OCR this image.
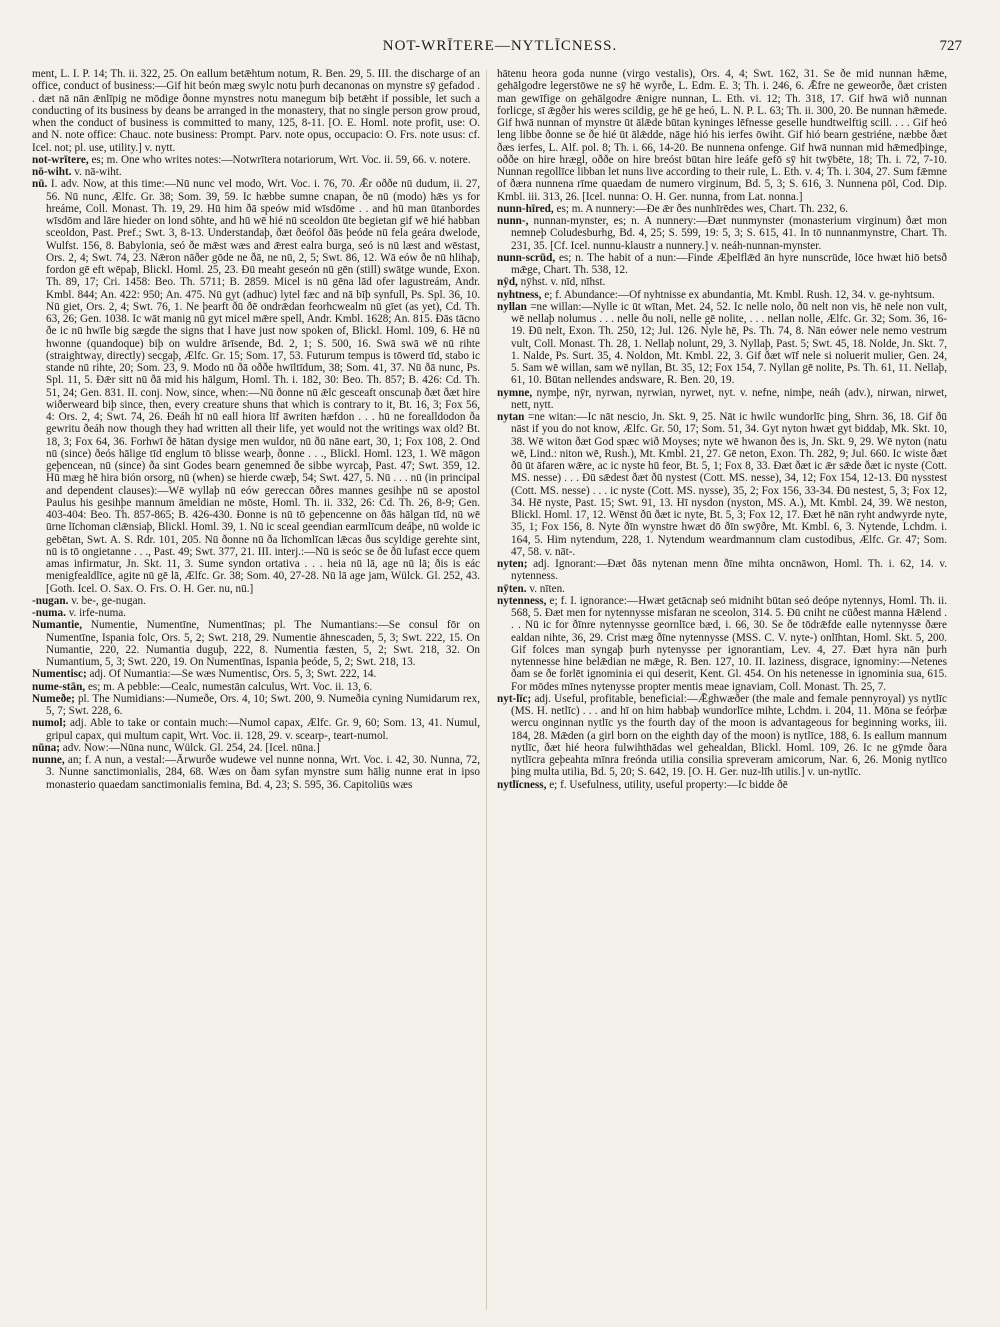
NOT-WRĪTERE—NYTLĪCNESS.	727

ment, L. I. P. 14; Th. ii. 322, 25. On eallum betǣhtum notum, R. Ben. 29, 5. III. the discharge of an office, conduct of business:—Gif hit beón mæg swylc notu þurh decanonas on mynstre sȳ gefadod . . dæt nā nān ǣnlīpig ne mōdige ðonne mynstres notu manegum biþ betǣht if possible, let such a conducting of its business by deans be arranged in the monastery, that no single person grow proud, when the conduct of business is committed to many, 125, 8-11. [O. E. Homl. note profit, use: O. and N. note office: Chauc. note business: Prompt. Parv. note opus, occupacio: O. Frs. note usus: cf. Icel. not; pl. use, utility.] v. nytt.

not-wrītere, es; m. One who writes notes:—Notwrītera notariorum, Wrt. Voc. ii. 59, 66. v. notere.

nō-wiht. v. nā-wiht.

nū. I. adv. Now, at this time:—Nū nunc vel modo, Wrt. Voc. i. 76, 70. Ǣr oððe nū dudum, ii. 27, 56. Nū nunc, Ælfc. Gr. 38; Som. 39, 59. Ic hæbbe sumne cnapan, ðe nū (modo) hǣs ys for hreáme, Coll. Monast. Th. 19, 29. Hū him ðā speów mid wīsdōme . . and hū man ūtanbordes wīsdōm and lāre hieder on lond sōhte, and hū wē hié nū sceoldon ūte begietan gif wē hié habban sceoldon, Past. Pref.; Swt. 3, 8-13. Understandaþ, ðæt ðeófol ðās þeóde nū fela geára dwelode, Wulfst. 156, 8. Babylonia, seó ðe mǣst wæs and ǣrest ealra burga, seó is nū læst and wēstast, Ors. 2, 4; Swt. 74, 23. Nǣron nāðer gōde ne ðā, ne nū, 2, 5; Swt. 86, 12. Wā eów ðe nū hlihaþ, fordon gē eft wēpaþ, Blickl. Homl. 25, 23. Ðū meaht geseón nū gēn (still) swātge wunde, Exon. Th. 89, 17; Cri. 1458: Beo. Th. 5711; B. 2859. Micel is nū gēna lād ofer lagustreám, Andr. Kmbl. 844; An. 422: 950; An. 475. Nū gyt (adhuc) lytel fæc and nā bīþ synfull, Ps. Spl. 36, 10. Nū giet, Ors. 2, 4; Swt. 76, 1. Ne þearft ðū ðē ondrǣdan feorhcwealm nū gīet (as yet), Cd. Th. 63, 26; Gen. 1038. Ic wāt manig nū gyt micel mǣre spell, Andr. Kmbl. 1628; An. 815. Ðās tācno ðe ic nū hwīle big sægde the signs that I have just now spoken of, Blickl. Homl. 109, 6. Hē nū hwonne (quandoque) biþ on wuldre ārīsende, Bd. 2, 1; S. 500, 16. Swā swā wē nū rihte (straightway, directly) secgaþ, Ælfc. Gr. 15; Som. 17, 53. Futurum tempus is tōwerd tīd, stabo ic stande nū rihte, 20; Som. 23, 9. Modo nū ðā oððe hwīltīdum, 38; Som. 41, 37. Nū ðā nunc, Ps. Spl. 11, 5. Ðǣr sitt nū ðā mid his hālgum, Homl. Th. i. 182, 30: Beo. Th. 857; B. 426: Cd. Th. 51, 24; Gen. 831. II. conj. Now, since, when:—Nū ðonne nū ǣlc gesceaft onscunaþ ðæt ðæt hire wiðerweard biþ since, then, every creature shuns that which is contrary to it, Bt. 16, 3; Fox 56, 4: Ors. 2, 4; Swt. 74, 26. Ðeáh hī nū eall hiora līf āwriten hæfdon . . . hū ne forealldodon ða gewritu ðeáh now though they had written all their life, yet would not the writings wax old? Bt. 18, 3; Fox 64, 36. Forhwī ðē hātan dysige men wuldor, nū ðū nāne eart, 30, 1; Fox 108, 2. Ond nū (since) ðeós hālige tīd englum tō blisse wearþ, ðonne . . ., Blickl. Homl. 123, 1. Wē māgon geþencean, nū (since) ða sint Godes bearn genemned ðe sibbe wyrcaþ, Past. 47; Swt. 359, 12. Hū mæg hē hira bión orsorg, nū (when) se hierde cwæþ, 54; Swt. 427, 5. Nū . . . nū (in principal and dependent clauses):—Wē wyllaþ nū eów gereccan ōðres mannes gesihþe nū se apostol Paulus his gesihþe mannum āmeldian ne mōste, Homl. Th. ii. 332, 26: Cd. Th. 26, 8-9; Gen. 403-404: Beo. Th. 857-865; B. 426-430. Ðonne is nū tō geþencenne on ðās hālgan tīd, nū wē ūrne līchoman clǣnsiaþ, Blickl. Homl. 39, 1. Nū ic sceal geendian earmlīcum deáþe, nū wolde ic gebētan, Swt. A. S. Rdr. 101, 205. Nū ðonne nū ða līchomlīcan lǣcas ðus scyldige gerehte sint, nū is tō ongietanne . . ., Past. 49; Swt. 377, 21. III. interj.:—Nū is seóc se ðe ðū lufast ecce quem amas infirmatur, Jn. Skt. 11, 3. Sume syndon ortativa . . . heia nū lā, age nū lā; ðis is eác menigfealdlīce, agite nū gē lā, Ælfc. Gr. 38; Som. 40, 27-28. Nū lā age jam, Wülck. Gl. 252, 43. [Goth. Icel. O. Sax. O. Frs. O. H. Ger. nu, nū.]

-nugan. v. be-, ge-nugan.

-numa. v. irfe-numa.

Numantie, Numentie, Numentīne, Numentīnas; pl. The Numantians:—Se consul fōr on Numentīne, Ispania folc, Ors. 5, 2; Swt. 218, 29. Numentie āhnescaden, 5, 3; Swt. 222, 15. On Numantie, 220, 22. Numantia duguþ, 222, 8. Numentia fæsten, 5, 2; Swt. 218, 32. On Numantium, 5, 3; Swt. 220, 19. On Numentīnas, Ispania þeóde, 5, 2; Swt. 218, 13.

Numentisc; adj. Of Numantia:—Se wæs Numentisc, Ors. 5, 3; Swt. 222, 14.

nume-stān, es; m. A pebble:—Cealc, numestān calculus, Wrt. Voc. ii. 13, 6.

Numeðe; pl. The Numidians:—Numeðe, Ors. 4, 10; Swt. 200, 9. Numeðia cyning Numidarum rex, 5, 7; Swt. 228, 6.

numol; adj. Able to take or contain much:—Numol capax, Ælfc. Gr. 9, 60; Som. 13, 41. Numul, gripul capax, qui multum capit, Wrt. Voc. ii. 128, 29. v. scearp-, teart-numol.

nūna; adv. Now:—Nūna nunc, Wülck. Gl. 254, 24. [Icel. nūna.]

nunne, an; f. A nun, a vestal:—Ārwurðe wudewe vel nunne nonna, Wrt. Voc. i. 42, 30. Nunna, 72, 3. Nunne sanctimonialis, 284, 68. Wæs on ðam syfan mynstre sum hālig nunne erat in ipso monasterio quaedam sanctimonialis femina, Bd. 4, 23; S. 595, 36. Capitoliūs wæs

hātenu heora goda nunne (virgo vestalis), Ors. 4, 4; Swt. 162, 31. Se ðe mid nunnan hǣme, gehālgodre legerstōwe ne sȳ hē wyrðe, L. Edm. E. 3; Th. i. 246, 6. Ǣfre ne geweorðe, ðæt cristen man gewīfige on gehālgodre ǣnigre nunnan, L. Eth. vi. 12; Th. 318, 17. Gif hwā wið nunnan forlicge, sī ǣgðer his weres scildig, ge hē ge heó, L. N. P. L. 63; Th. ii. 300, 20. Be nunnan hǣmede. Gif hwā nunnan of mynstre ūt ālǣde būtan kyninges lēfnesse geselle hundtwelftig scill. . . . Gif heó leng libbe ðonne se ðe hié ūt ālǣdde, nāge hió his ierfes ōwiht. Gif hió bearn gestriéne, næbbe ðæt ðæs ierfes, L. Alf. pol. 8; Th. i. 66, 14-20. Be nunnena onfenge. Gif hwā nunnan mid hǣmedþinge, oððe on hire hrægl, oððe on hire breóst būtan hire leáfe gefō sȳ hit twȳbēte, 18; Th. i. 72, 7-10. Nunnan regollīce libban let nuns live according to their rule, L. Eth. v. 4; Th. i. 304, 27. Sum fǣmne of ðæra nunnena rīme quaedam de numero virginum, Bd. 5, 3; S. 616, 3. Nunnena pōl, Cod. Dip. Kmbl. iii. 313, 26. [Icel. nunna: O. H. Ger. nunna, from Lat. nonna.]

nunn-hīred, es; m. A nunnery:—Ðe ǣr ðes nunhīrēdes wes, Chart. Th. 232, 6.

nunn-, nunnan-mynster, es; n. A nunnery:—Ðæt nunmynster (monasterium virginum) ðæt mon nemneþ Coludesburhg, Bd. 4, 25; S. 599, 19: 5, 3; S. 615, 41. In tō nunnanmynstre, Chart. Th. 231, 35. [Cf. Icel. nunnu-klaustr a nunnery.] v. neáh-nunnan-mynster.

nunn-scrūd, es; n. The habit of a nun:—Finde Æþelflǣd ān hyre nunscrūde, lōce hwæt hiō betsð mǣge, Chart. Th. 538, 12.

nȳd, nȳhst. v. nīd, nīhst.

nyhtness, e; f. Abundance:—Of nyhtnisse ex abundantia, Mt. Kmbl. Rush. 12, 34. v. ge-nyhtsum.

nyllan =ne willan:—Nylle ic ūt wītan, Met. 24, 52. Ic nelle nolo, ðū nelt non vis, hē nele non vult, wē nellaþ nolumus . . . nelle ðu noli, nelle gē nolite, . . . nellan nolle, Ælfc. Gr. 32; Som. 36, 16-19. Ðū nelt, Exon. Th. 250, 12; Jul. 126. Nyle hē, Ps. Th. 74, 8. Nān eówer nele nemo vestrum vult, Coll. Monast. Th. 28, 1. Nellaþ nolunt, 29, 3. Nyllaþ, Past. 5; Swt. 45, 18. Nolde, Jn. Skt. 7, 1. Nalde, Ps. Surt. 35, 4. Noldon, Mt. Kmbl. 22, 3. Gif ðæt wīf nele si noluerit mulier, Gen. 24, 5. Sam wē willan, sam wē nyllan, Bt. 35, 12; Fox 154, 7. Nyllan gē nolite, Ps. Th. 61, 11. Nellaþ, 61, 10. Būtan nellendes andsware, R. Ben. 20, 19.

nymne, nymþe, nȳr, nyrwan, nyrwian, nyrwet, nyt. v. nefne, nimþe, neáh (adv.), nirwan, nirwet, nett, nytt.

nytan =ne witan:—Ic nāt nescio, Jn. Skt. 9, 25. Nāt ic hwilc wundorlīc þing, Shrn. 36, 18. Gif ðū nāst if you do not know, Ælfc. Gr. 50, 17; Som. 51, 34. Gyt nyton hwæt gyt biddaþ, Mk. Skt. 10, 38. Wē witon ðæt God spæc wið Moyses; nyte wē hwanon ðes is, Jn. Skt. 9, 29. Wē nyton (natu wē, Lind.: niton wē, Rush.), Mt. Kmbl. 21, 27. Gē neton, Exon. Th. 282, 9; Jul. 660. Ic wiste ðæt ðū ūt āfaren wǣre, ac ic nyste hū feor, Bt. 5, 1; Fox 8, 33. Ðæt ðæt ic ǣr sǣde ðæt ic nyste (Cott. MS. nesse) . . . Ðū sǣdest ðæt ðū nystest (Cott. MS. nesse), 34, 12; Fox 154, 12-13. Ðū nysstest (Cott. MS. nesse) . . . ic nyste (Cott. MS. nysse), 35, 2; Fox 156, 33-34. Ðū nestest, 5, 3; Fox 12, 34. Hē nyste, Past. 15; Swt. 91, 13. Hī nysdon (nyston, MS. A.), Mt. Kmbl. 24, 39. Wē neston, Blickl. Homl. 17, 12. Wēnst ðū ðæt ic nyte, Bt. 5, 3; Fox 12, 17. Ðæt hē nān ryht andwyrde nyte, 35, 1; Fox 156, 8. Nyte ðīn wynstre hwæt dō ðīn swȳðre, Mt. Kmbl. 6, 3. Nytende, Lchdm. i. 164, 5. Him nytendum, 228, 1. Nytendum weardmannum clam custodibus, Ælfc. Gr. 47; Som. 47, 58. v. nāt-.

nyten; adj. Ignorant:—Ðæt ðās nytenan menn ðīne mihta oncnāwon, Homl. Th. i. 62, 14. v. nytenness.

nȳten. v. nīten.

nytenness, e; f. I. ignorance:—Hwæt getācnaþ seó midniht būtan seó deópe nytennys, Homl. Th. ii. 568, 5. Ðæt men for nytennysse misfaran ne sceolon, 314. 5. Ðū cniht ne cūðest manna Hǣlend . . . Nū ic for ðīnre nytennysse geornlīce bæd, i. 66, 30. Se ðe tōdrǣfde ealle nytennysse ðære ealdan nihte, 36, 29. Crist mæg ðīne nytennysse (MSS. C. V. nyte-) onlīhtan, Homl. Skt. 5, 200. Gif folces man syngaþ þurh nytenysse per ignorantiam, Lev. 4, 27. Ðæt hyra nān þurh nytennesse hine belǣdian ne mǣge, R. Ben. 127, 10. II. laziness, disgrace, ignominy:—Netenes ðam se ðe forlēt ignominia ei qui deserit, Kent. Gl. 454. On his netenesse in ignominia sua, 615. For mōdes mīnes nytenysse propter mentis meae ignaviam, Coll. Monast. Th. 25, 7.

nyt-līc; adj. Useful, profitable, beneficial:—Ǣghwæðer (the male and female pennyroyal) ys nytlīc (MS. H. netlīc) . . . and hī on him habbaþ wundorlīce mihte, Lchdm. i. 204, 11. Mōna se feórþæ wercu onginnan nytlīc ys the fourth day of the moon is advantageous for beginning works, iii. 184, 28. Mǣden (a girl born on the eighth day of the moon) is nytlīce, 188, 6. Is eallum mannum nytlīc, ðæt hié heora fulwihthādas wel gehealdan, Blickl. Homl. 109, 26. Ic ne gȳmde ðara nytlīcra geþeahta mīnra freónda utilia consilia spreveram amicorum, Nar. 6, 26. Monig nytlīco þing multa utilia, Bd. 5, 20; S. 642, 19. [O. H. Ger. nuz-līh utilis.] v. un-nytlīc.

nytlīcness, e; f. Usefulness, utility, useful property:—Ic bidde ðē
